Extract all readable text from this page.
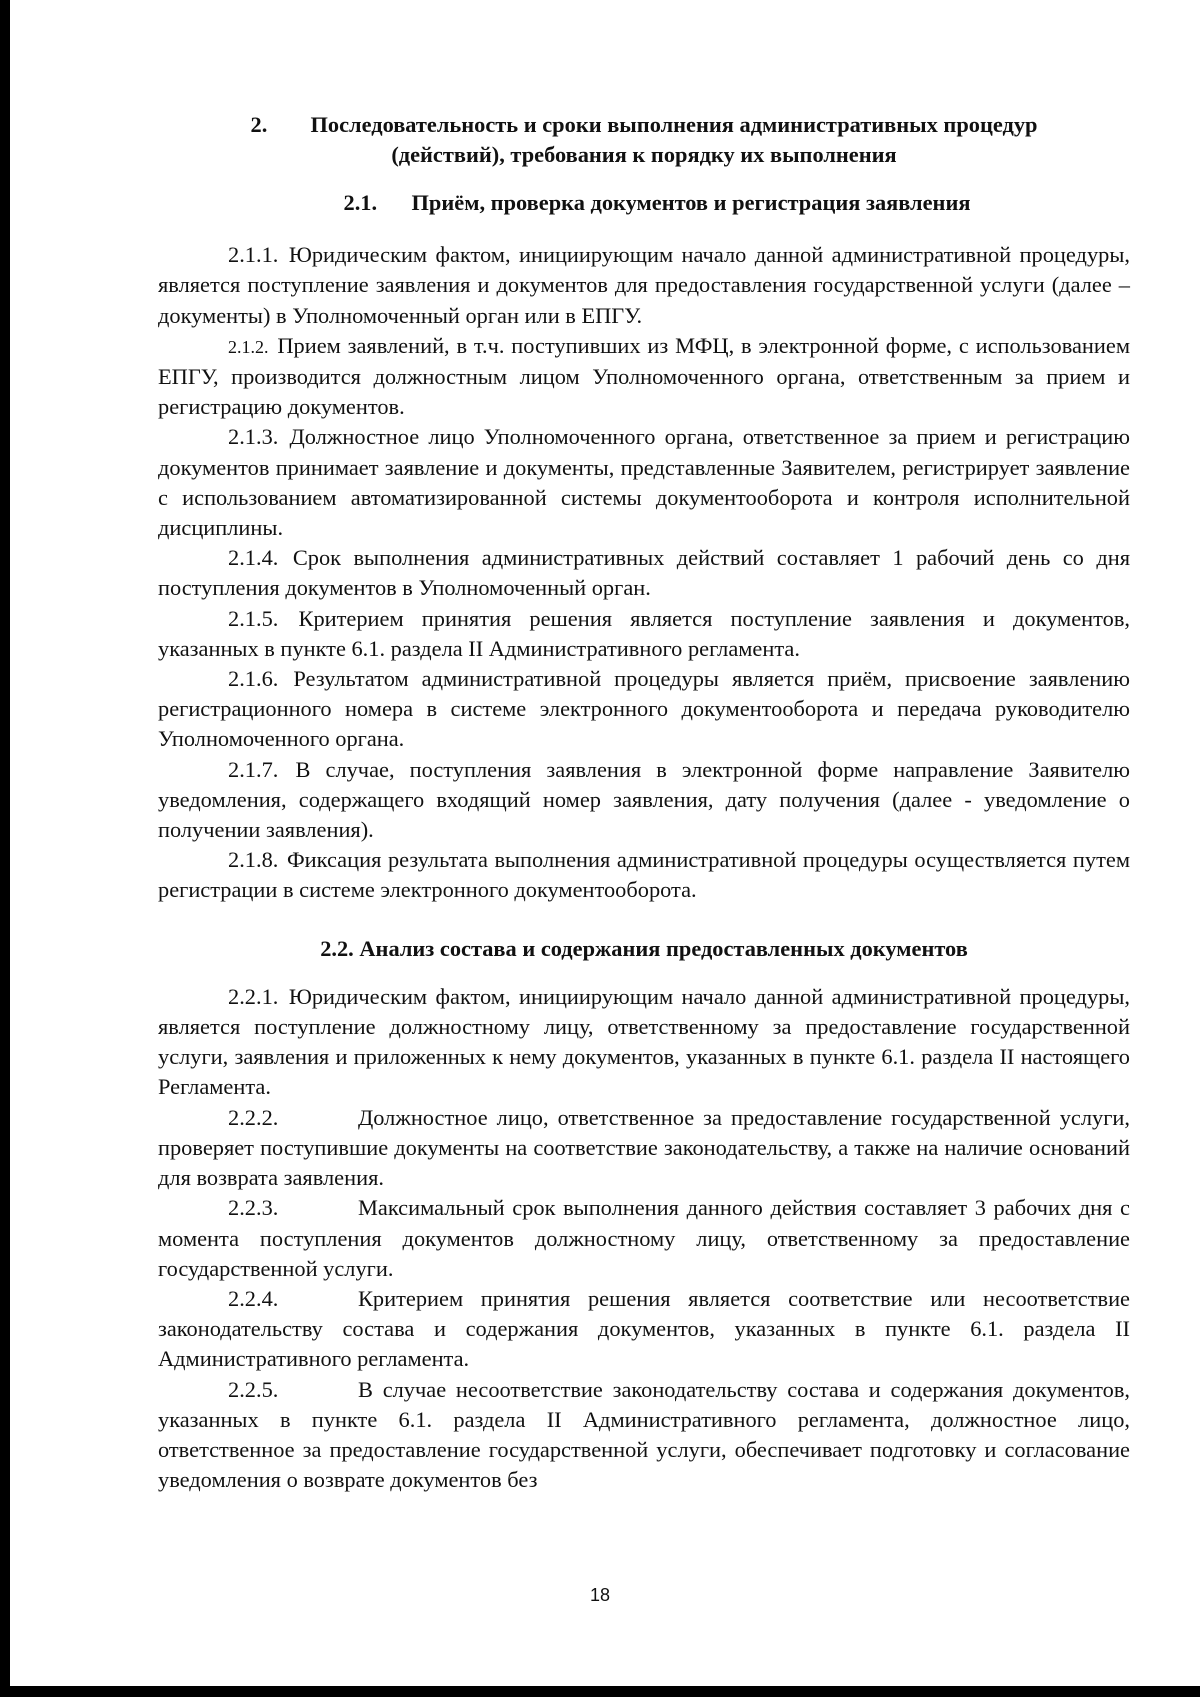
2. Последовательность и сроки выполнения административных процедур
(действий), требования к порядку их выполнения
2.1. Приём, проверка документов и регистрация заявления

2.1.1. Юридическим фактом, инициирующим начало данной административной процедуры, является поступление заявления и документов для предоставления государственной услуги (далее – документы) в Уполномоченный орган или в ЕПГУ.

2.1.2. Прием заявлений, в т.ч. поступивших из МФЦ, в электронной форме, с использованием ЕПГУ, производится должностным лицом Уполномоченного органа, ответственным за прием и регистрацию документов.

2.1.3. Должностное лицо Уполномоченного органа, ответственное за прием и регистрацию документов принимает заявление и документы, представленные Заявителем, регистрирует заявление с использованием автоматизированной системы документооборота и контроля исполнительной дисциплины.

2.1.4. Срок выполнения административных действий составляет 1 рабочий день со дня поступления документов в Уполномоченный орган.

2.1.5. Критерием принятия решения является поступление заявления и документов, указанных в пункте 6.1. раздела II Административного регламента.

2.1.6. Результатом административной процедуры является приём, присвоение заявлению регистрационного номера в системе электронного документооборота и передача руководителю Уполномоченного органа.

2.1.7. В случае, поступления заявления в электронной форме направление Заявителю уведомления, содержащего входящий номер заявления, дату получения (далее - уведомление о получении заявления).

2.1.8. Фиксация результата выполнения административной процедуры осуществляется путем регистрации в системе электронного документооборота.

2.2. Анализ состава и содержания предоставленных документов

2.2.1. Юридическим фактом, инициирующим начало данной административной процедуры, является поступление должностному лицу, ответственному за предоставление государственной услуги, заявления и приложенных к нему документов, указанных в пункте 6.1. раздела II настоящего Регламента.

2.2.2.	Должностное лицо, ответственное за предоставление государственной услуги, проверяет поступившие документы на соответствие законодательству, а также на наличие оснований для возврата заявления.

2.2.3.	Максимальный срок выполнения данного действия составляет 3 рабочих дня с момента поступления документов должностному лицу, ответственному за предоставление государственной услуги.

2.2.4.	Критерием принятия решения является соответствие или несоответствие законодательству состава и содержания документов, указанных в пункте 6.1. раздела II Административного регламента.

2.2.5.	В случае несоответствие законодательству состава и содержания документов, указанных в пункте 6.1. раздела II Административного регламента, должностное лицо, ответственное за предоставление государственной услуги, обеспечивает подготовку и согласование уведомления о возврате документов без

18
